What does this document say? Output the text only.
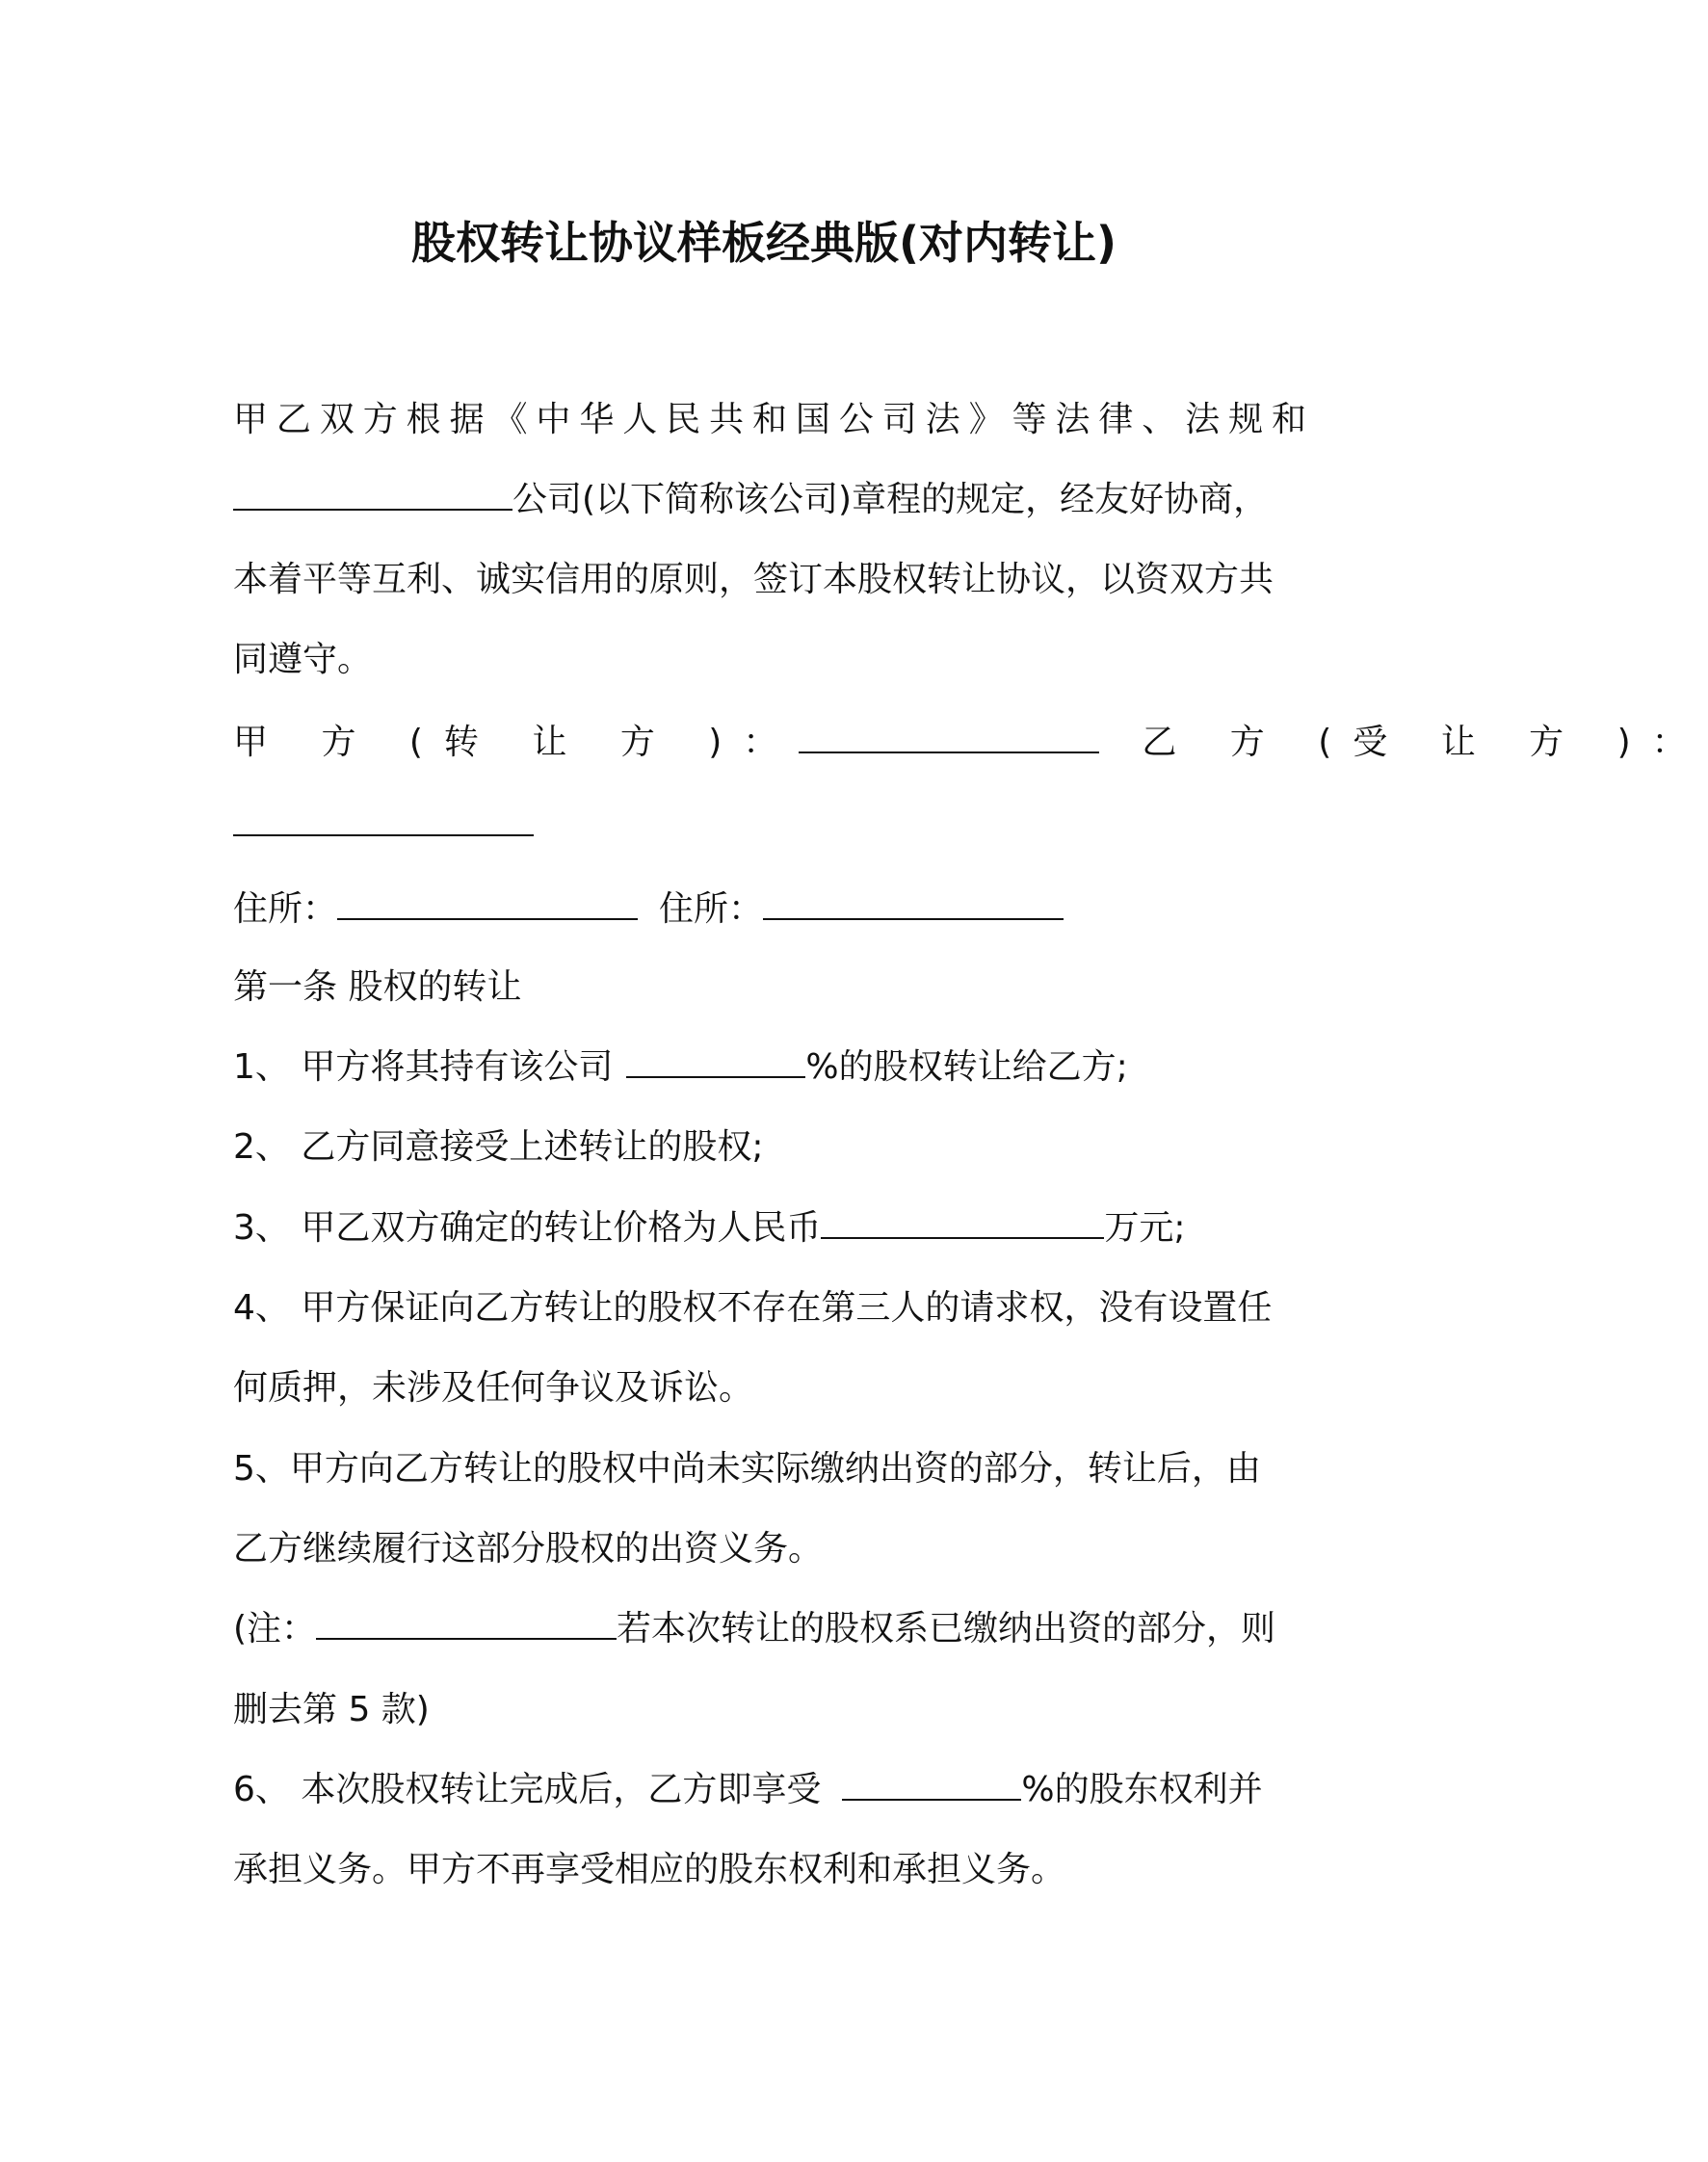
股权转让协议样板经典版(对内转让)
甲乙双方根据《中华人民共和国公司法》等法律、法规和
公司(以下简称该公司)章程的规定，经友好协商，
本着平等互利、诚实信用的原则，签订本股权转让协议，以资双方共
同遵守。
甲 方 (转 让 方 )：	乙 方 (受 让 方 )：
住所：	住所：
第一条 股权的转让
1、 甲方将其持有该公司	%的股权转让给乙方;
2、 乙方同意接受上述转让的股权;
3、 甲乙双方确定的转让价格为人民币	万元;
4、 甲方保证向乙方转让的股权不存在第三人的请求权，没有设置任
何质押，未涉及任何争议及诉讼。
5、甲方向乙方转让的股权中尚未实际缴纳出资的部分，转让后，由
乙方继续履行这部分股权的出资义务。
(注：	若本次转让的股权系已缴纳出资的部分，则
删去第 5 款)
6、 本次股权转让完成后，乙方即享受	%的股东权利并
承担义务。甲方不再享受相应的股东权利和承担义务。
